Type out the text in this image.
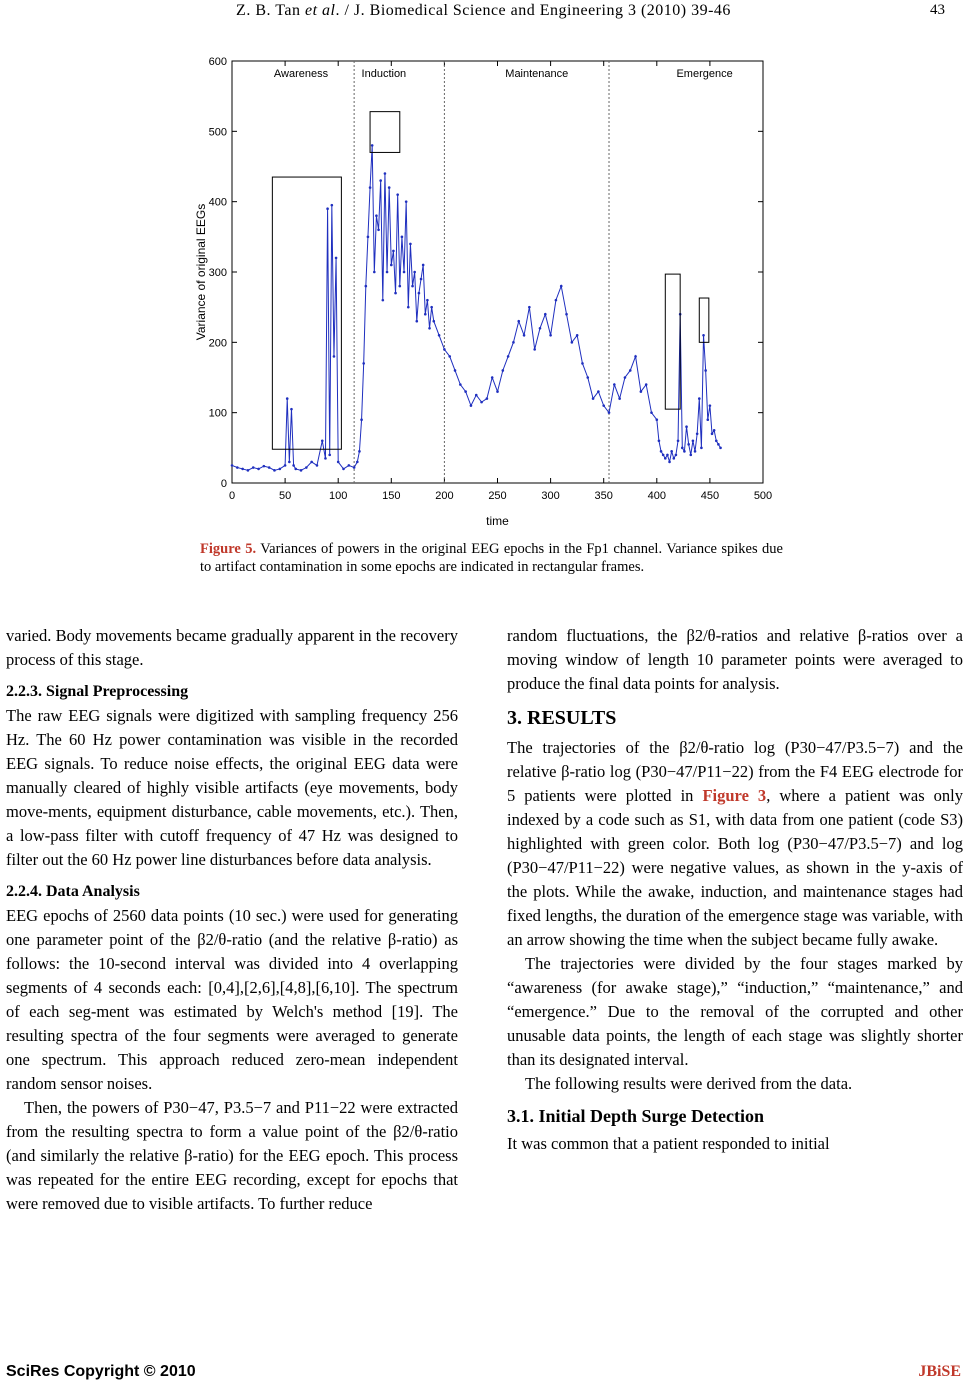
Z. B. Tan et al. / J. Biomedical Science and Engineering 3 (2010) 39-46	43
0	50	100	150	200	250	300	350	400	450	500
0
100
200
300
400
500
600
Awareness	Induction	Maintenance	Emergence
time
Variance of original EEGs
Figure 5. Variances of powers in the original EEG epochs in the Fp1 channel. Variance spikes due to artifact contamination in some epochs are indicated in rectangular frames.

varied. Body movements became gradually apparent in the recovery process of this stage.

2.2.3. Signal Preprocessing

The raw EEG signals were digitized with sampling frequency 256 Hz. The 60 Hz power contamination was visible in the recorded EEG signals. To reduce noise effects, the original EEG data were manually cleared of highly visible artifacts (eye movements, body move-ments, equipment disturbance, cable movements, etc.). Then, a low-pass filter with cutoff frequency of 47 Hz was designed to filter out the 60 Hz power line disturbances before data analysis.

2.2.4. Data Analysis

EEG epochs of 2560 data points (10 sec.) were used for generating one parameter point of the β2/θ-ratio (and the relative β-ratio) as follows: the 10-second interval was divided into 4 overlapping segments of 4 seconds each: [0,4],[2,6],[4,8],[6,10]. The spectrum of each seg-ment was estimated by Welch's method [19]. The resulting spectra of the four segments were averaged to generate one spectrum. This approach reduced zero-mean independent random sensor noises.

Then, the powers of P30−47, P3.5−7 and P11−22 were extracted from the resulting spectra to form a value point of the β2/θ-ratio (and similarly the relative β-ratio) for the EEG epoch. This process was repeated for the entire EEG recording, except for epochs that were removed due to visible artifacts. To further reduce

random fluctuations, the β2/θ-ratios and relative β-ratios over a moving window of length 10 parameter points were averaged to produce the final data points for analysis.

3. RESULTS

The trajectories of the β2/θ-ratio log (P30−47/P3.5−7) and the relative β-ratio log (P30−47/P11−22) from the F4 EEG electrode for 5 patients were plotted in Figure 3, where a patient was only indexed by a code such as S1, with data from one patient (code S3) highlighted with green color. Both log (P30−47/P3.5−7) and log (P30−47/P11−22) were negative values, as shown in the y-axis of the plots. While the awake, induction, and maintenance stages had fixed lengths, the duration of the emergence stage was variable, with an arrow showing the time when the subject became fully awake.

The trajectories were divided by the four stages marked by “awareness (for awake stage),” “induction,” “maintenance,” and “emergence.” Due to the removal of the corrupted and other unusable data points, the length of each stage was slightly shorter than its designated interval.

The following results were derived from the data.

3.1. Initial Depth Surge Detection

It was common that a patient responded to initial

SciRes Copyright © 2010	JBiSE
